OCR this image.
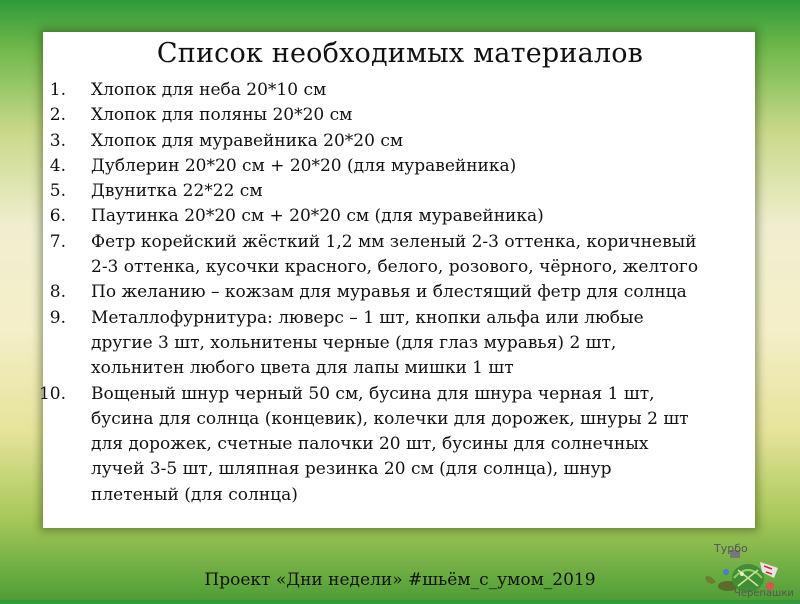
Список необходимых материалов
1. Хлопок для неба 20*10 см
2. Хлопок для поляны 20*20 см
3. Хлопок для муравейника 20*20 см
4. Дублерин 20*20 см + 20*20 (для муравейника)
5. Двунитка 22*22 см
6. Паутинка 20*20 см + 20*20 см (для муравейника)
7. Фетр корейский жёсткий 1,2 мм зеленый 2-3 оттенка, коричневый
2-3 оттенка, кусочки красного, белого, розового, чёрного, желтого
8. По желанию – кожзам для муравья и блестящий фетр для солнца
9. Металлофурнитура: люверс – 1 шт, кнопки альфа или любые
другие 3 шт, хольнитены черные (для глаз муравья) 2 шт,
хольнитен любого цвета для лапы мишки 1 шт
10. Вощеный шнур черный 50 см, бусина для шнура черная 1 шт,
бусина для солнца (концевик), колечки для дорожек, шнуры 2 шт
для дорожек, счетные палочки 20 шт, бусины для солнечных
лучей 3-5 шт, шляпная резинка 20 см (для солнца), шнур
плетеный (для солнца)
Проект «Дни недели» #шьём_с_умом_2019
Турбо
Черепашки
